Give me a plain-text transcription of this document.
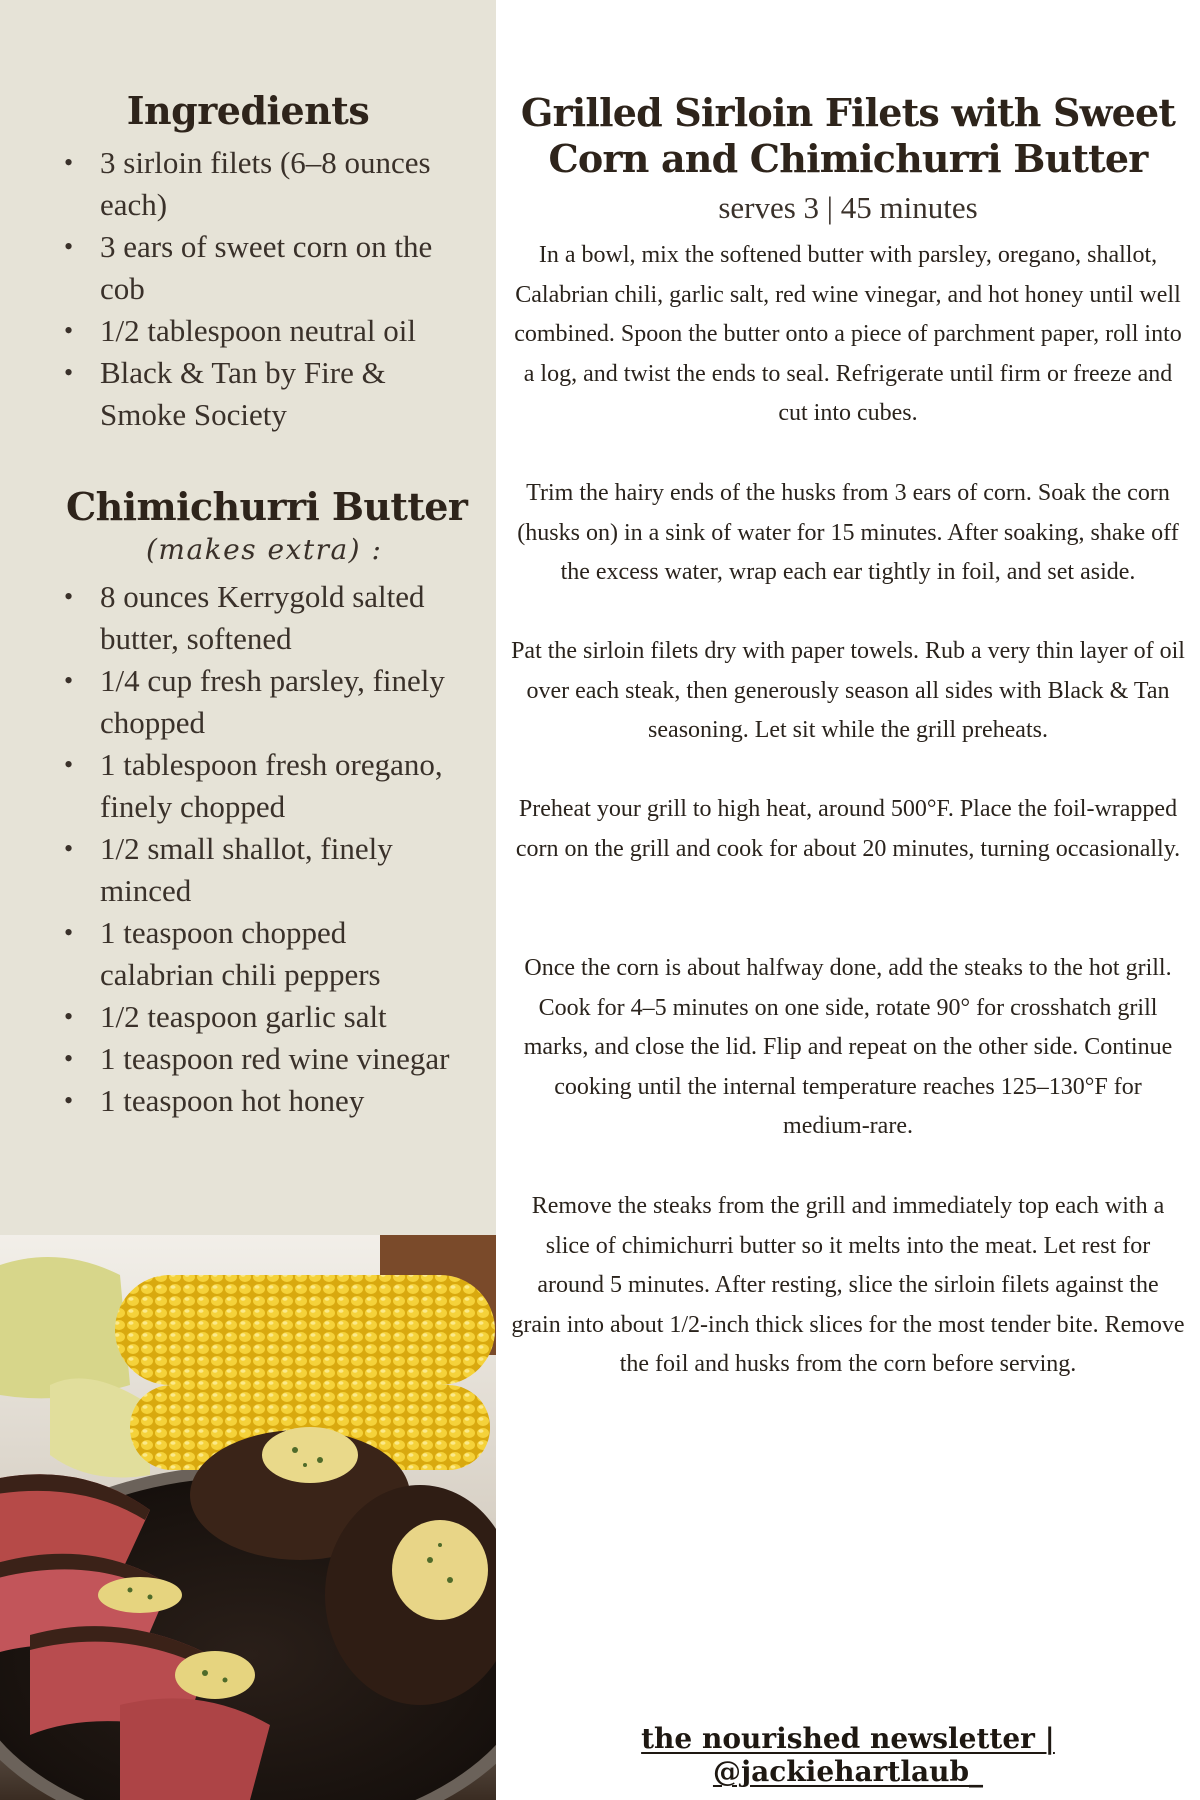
Ingredients
• 3 sirloin filets (6–8 ounces each)
• 3 ears of sweet corn on the cob
• 1/2 tablespoon neutral oil
• Black & Tan by Fire & Smoke Society
Chimichurri Butter
(makes extra) :
• 8 ounces Kerrygold salted butter, softened
• 1/4 cup fresh parsley, finely chopped
• 1 tablespoon fresh oregano, finely chopped
• 1/2 small shallot, finely minced
• 1 teaspoon chopped calabrian chili peppers
• 1/2 teaspoon garlic salt
• 1 teaspoon red wine vinegar
• 1 teaspoon hot honey
Grilled Sirloin Filets with Sweet Corn and Chimichurri Butter
serves 3 | 45 minutes

In a bowl, mix the softened butter with parsley, oregano, shallot, Calabrian chili, garlic salt, red wine vinegar, and hot honey until well combined. Spoon the butter onto a piece of parchment paper, roll into a log, and twist the ends to seal. Refrigerate until firm or freeze and cut into cubes.

Trim the hairy ends of the husks from 3 ears of corn. Soak the corn (husks on) in a sink of water for 15 minutes. After soaking, shake off the excess water, wrap each ear tightly in foil, and set aside.

Pat the sirloin filets dry with paper towels. Rub a very thin layer of oil over each steak, then generously season all sides with Black & Tan seasoning. Let sit while the grill preheats.

Preheat your grill to high heat, around 500°F. Place the foil-wrapped corn on the grill and cook for about 20 minutes, turning occasionally.

Once the corn is about halfway done, add the steaks to the hot grill. Cook for 4–5 minutes on one side, rotate 90° for crosshatch grill marks, and close the lid. Flip and repeat on the other side. Continue cooking until the internal temperature reaches 125–130°F for medium-rare.

Remove the steaks from the grill and immediately top each with a slice of chimichurri butter so it melts into the meat. Let rest for around 5 minutes. After resting, slice the sirloin filets against the grain into about 1/2-inch thick slices for the most tender bite. Remove the foil and husks from the corn before serving.

the nourished newsletter | @jackiehartlaub_
